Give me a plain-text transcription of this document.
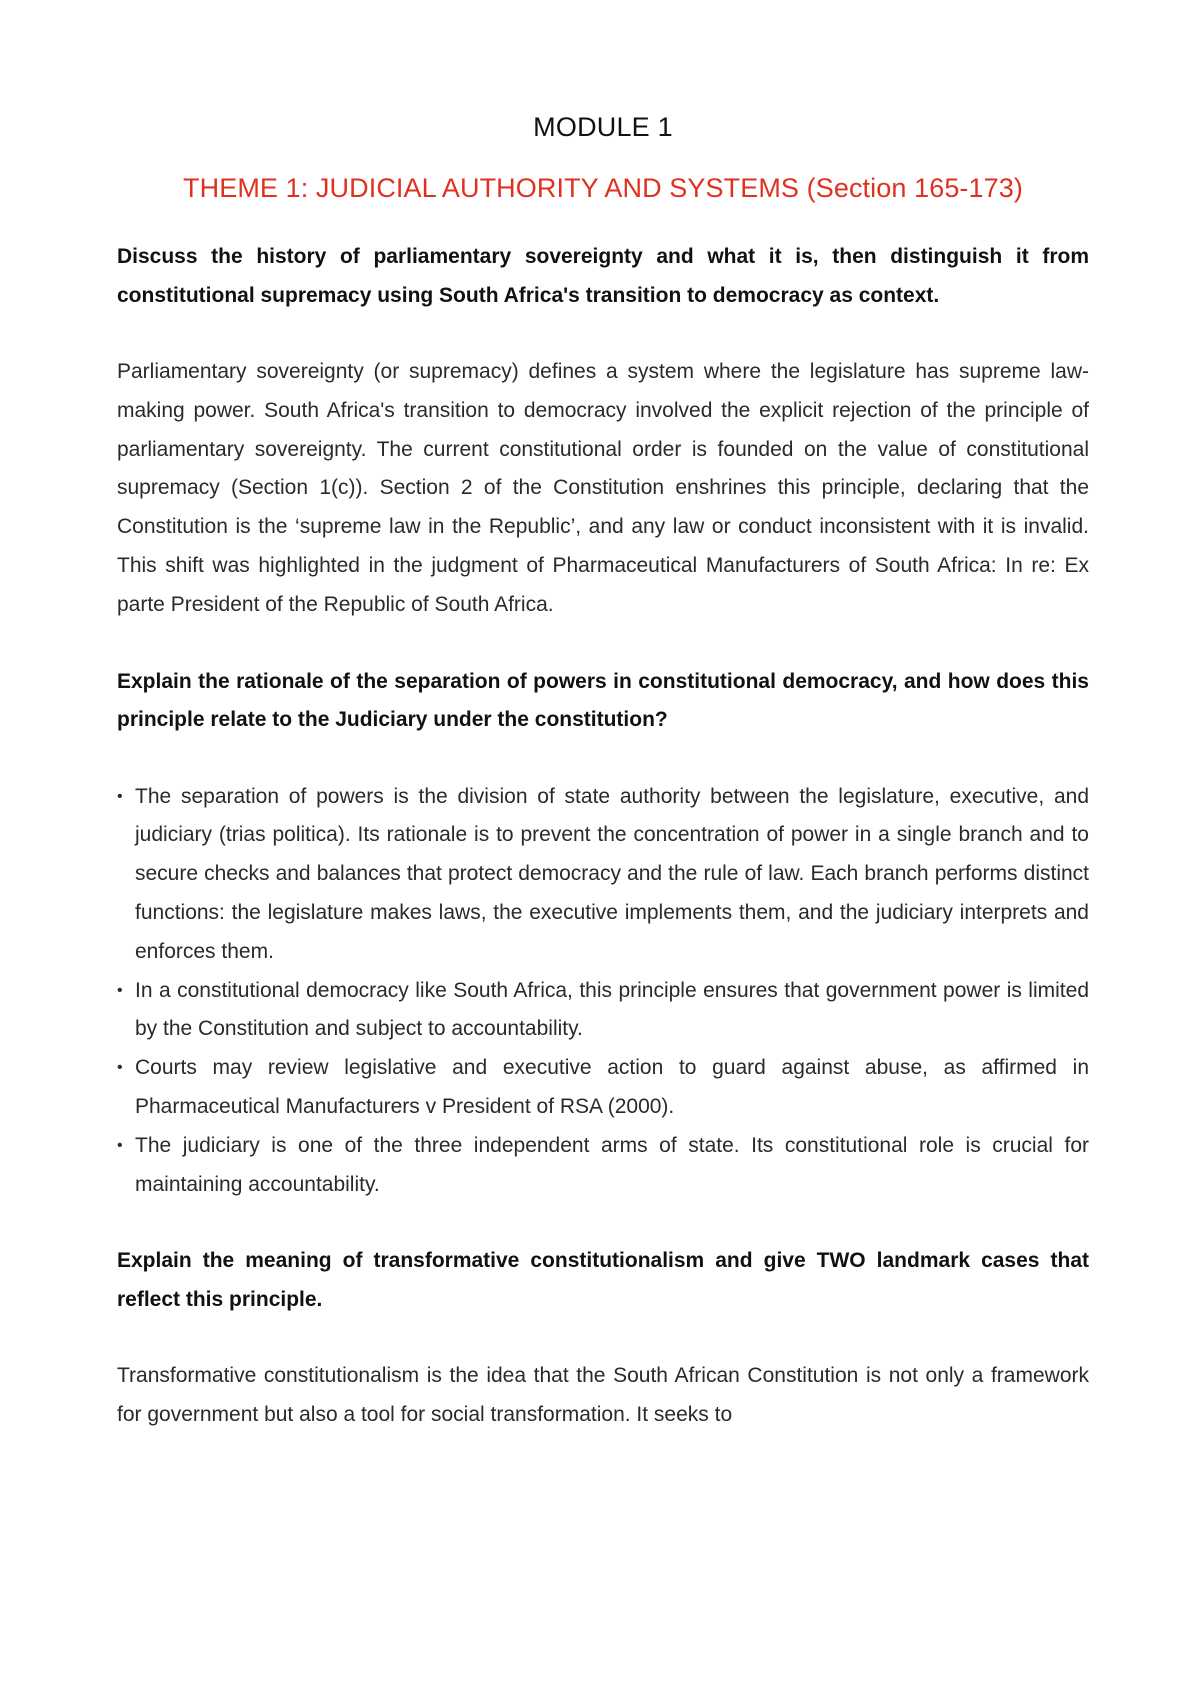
MODULE 1
THEME 1: JUDICIAL AUTHORITY AND SYSTEMS (Section 165-173)

Discuss the history of parliamentary sovereignty and what it is, then distinguish it from constitutional supremacy using South Africa's transition to democracy as context.

Parliamentary sovereignty (or supremacy) defines a system where the legislature has supreme law-making power. South Africa's transition to democracy involved the explicit rejection of the principle of parliamentary sovereignty. The current constitutional order is founded on the value of constitutional supremacy (Section 1(c)). Section 2 of the Constitution enshrines this principle, declaring that the Constitution is the ‘supreme law in the Republic’, and any law or conduct inconsistent with it is invalid. This shift was highlighted in the judgment of Pharmaceutical Manufacturers of South Africa: In re: Ex parte President of the Republic of South Africa.

Explain the rationale of the separation of powers in constitutional democracy, and how does this principle relate to the Judiciary under the constitution?

• The separation of powers is the division of state authority between the legislature, executive, and judiciary (trias politica). Its rationale is to prevent the concentration of power in a single branch and to secure checks and balances that protect democracy and the rule of law. Each branch performs distinct functions: the legislature makes laws, the executive implements them, and the judiciary interprets and enforces them.
• In a constitutional democracy like South Africa, this principle ensures that government power is limited by the Constitution and subject to accountability.
• Courts may review legislative and executive action to guard against abuse, as affirmed in Pharmaceutical Manufacturers v President of RSA (2000).
• The judiciary is one of the three independent arms of state. Its constitutional role is crucial for maintaining accountability.

Explain the meaning of transformative constitutionalism and give TWO landmark cases that reflect this principle.

Transformative constitutionalism is the idea that the South African Constitution is not only a framework for government but also a tool for social transformation. It seeks to
